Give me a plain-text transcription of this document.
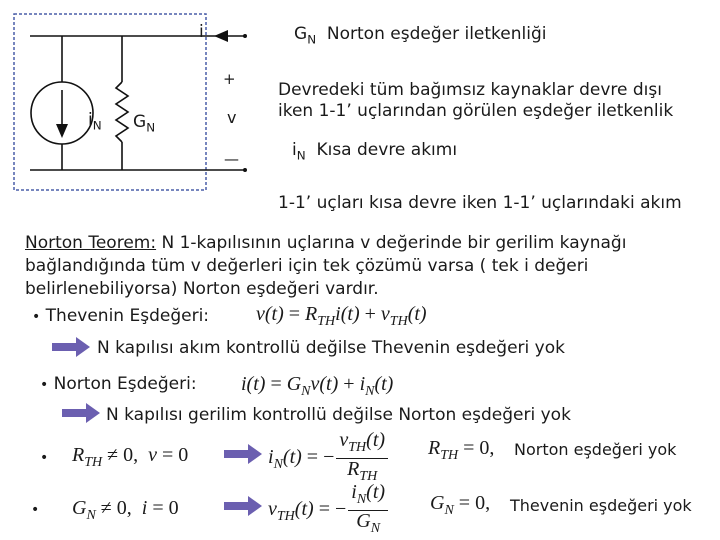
i
$i_N$ $G_N$
+
v
—
$G_N$ Norton eşdeğer iletkenliği
Devredeki tüm bağımsız kaynaklar devre dışı
iken 1-1’ uçlarından görülen eşdeğer iletkenlik
$i_N$ Kısa devre akımı
1-1’ uçları kısa devre iken 1-1’ uçlarındaki akım
Norton Teorem: N 1-kapılısının uçlarına v değerinde bir gerilim kaynağı
bağlandığında tüm v değerleri için tek çözümü varsa ( tek i değeri
belirlenebiliyorsa) Norton eşdeğeri vardır.
• Thevenin Eşdeğeri: $v(t) = R_{TH}i(t) + v_{TH}(t)$
N kapılısı akım kontrollü değilse Thevenin eşdeğeri yok
• Norton Eşdeğeri: $i(t) = G_Nv(t) + i_N(t)$
N kapılısı gerilim kontrollü değilse Norton eşdeğeri yok
• $R_{TH} \ne 0$,  v = 0	$i_N(t)$ = − $\frac{v_{TH}(t)}{R_{TH}} R_{TH} = 0$, Norton eşdeğeri yok
• $G_N \ne 0$,  i = 0	$v_{TH}(t)$ = − $\frac{i_N(t)}{G_N} G_N = 0$, Thevenin eşdeğeri yok
